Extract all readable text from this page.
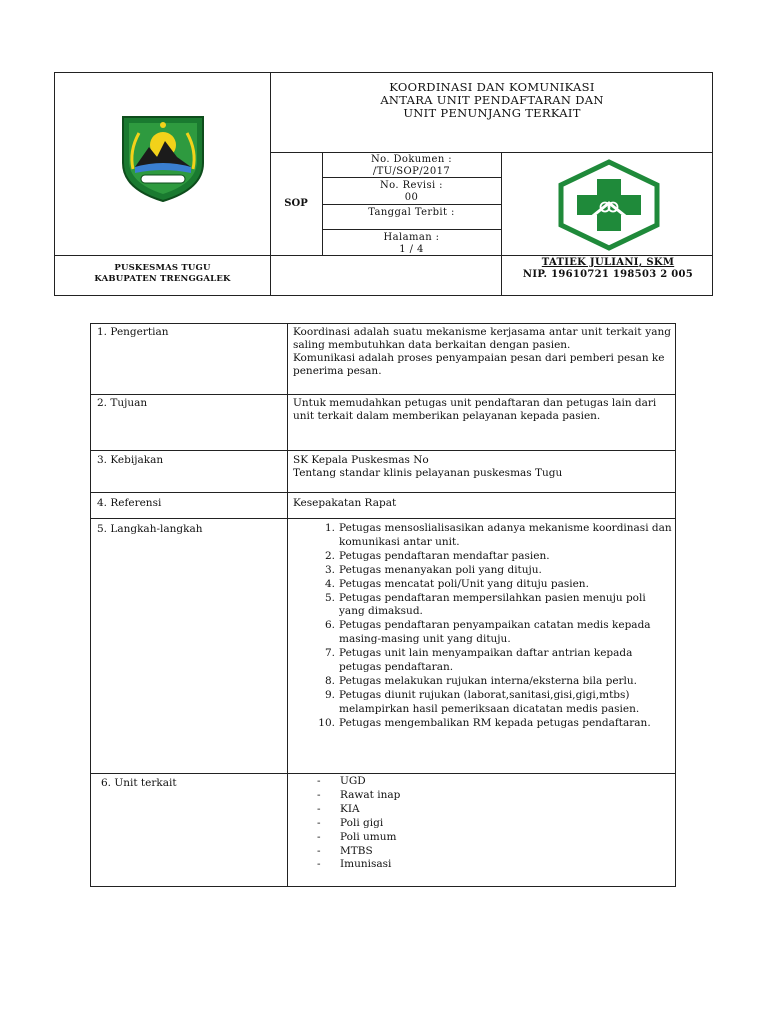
KOORDINASI DAN KOMUNIKASI
ANTARA UNIT PENDAFTARAN DAN
UNIT PENUNJANG TERKAIT
SOP
No. Dokumen :
/TU/SOP/2017
No. Revisi :
00
Tanggal Terbit :
Halaman :
1 / 4
PUSKESMAS TUGU
KABUPATEN TRENGGALEK
TATIEK JULIANI, SKM
NIP. 19610721 198503 2 005
1. Pengertian	Koordinasi adalah suatu mekanisme kerjasama antar unit terkait yang saling membutuhkan data berkaitan dengan pasien.
Komunikasi adalah proses penyampaian pesan dari pemberi pesan ke penerima pesan.
2. Tujuan	Untuk memudahkan petugas unit pendaftaran dan petugas lain dari unit terkait dalam memberikan pelayanan kepada pasien.
3. Kebijakan	SK Kepala Puskesmas No
Tentang standar klinis pelayanan puskesmas Tugu
4. Referensi	Kesepakatan Rapat
5. Langkah-langkah	1. Petugas mensoslialisasikan adanya mekanisme koordinasi dan komunikasi antar unit.
2. Petugas pendaftaran mendaftar pasien.
3. Petugas menanyakan poli yang dituju.
4. Petugas mencatat poli/Unit yang dituju pasien.
5. Petugas pendaftaran mempersilahkan pasien menuju poli yang dimaksud.
6. Petugas pendaftaran penyampaikan catatan medis kepada masing-masing unit yang dituju.
7. Petugas unit lain menyampaikan daftar antrian kepada petugas pendaftaran.
8. Petugas melakukan rujukan interna/eksterna bila perlu.
9. Petugas diunit rujukan (laborat,sanitasi,gisi,gigi,mtbs) melampirkan hasil pemeriksaan dicatatan medis pasien.
10. Petugas mengembalikan RM kepada petugas pendaftaran.
6. Unit terkait	- UGD
- Rawat inap
- KIA
- Poli gigi
- Poli umum
- MTBS
- Imunisasi
